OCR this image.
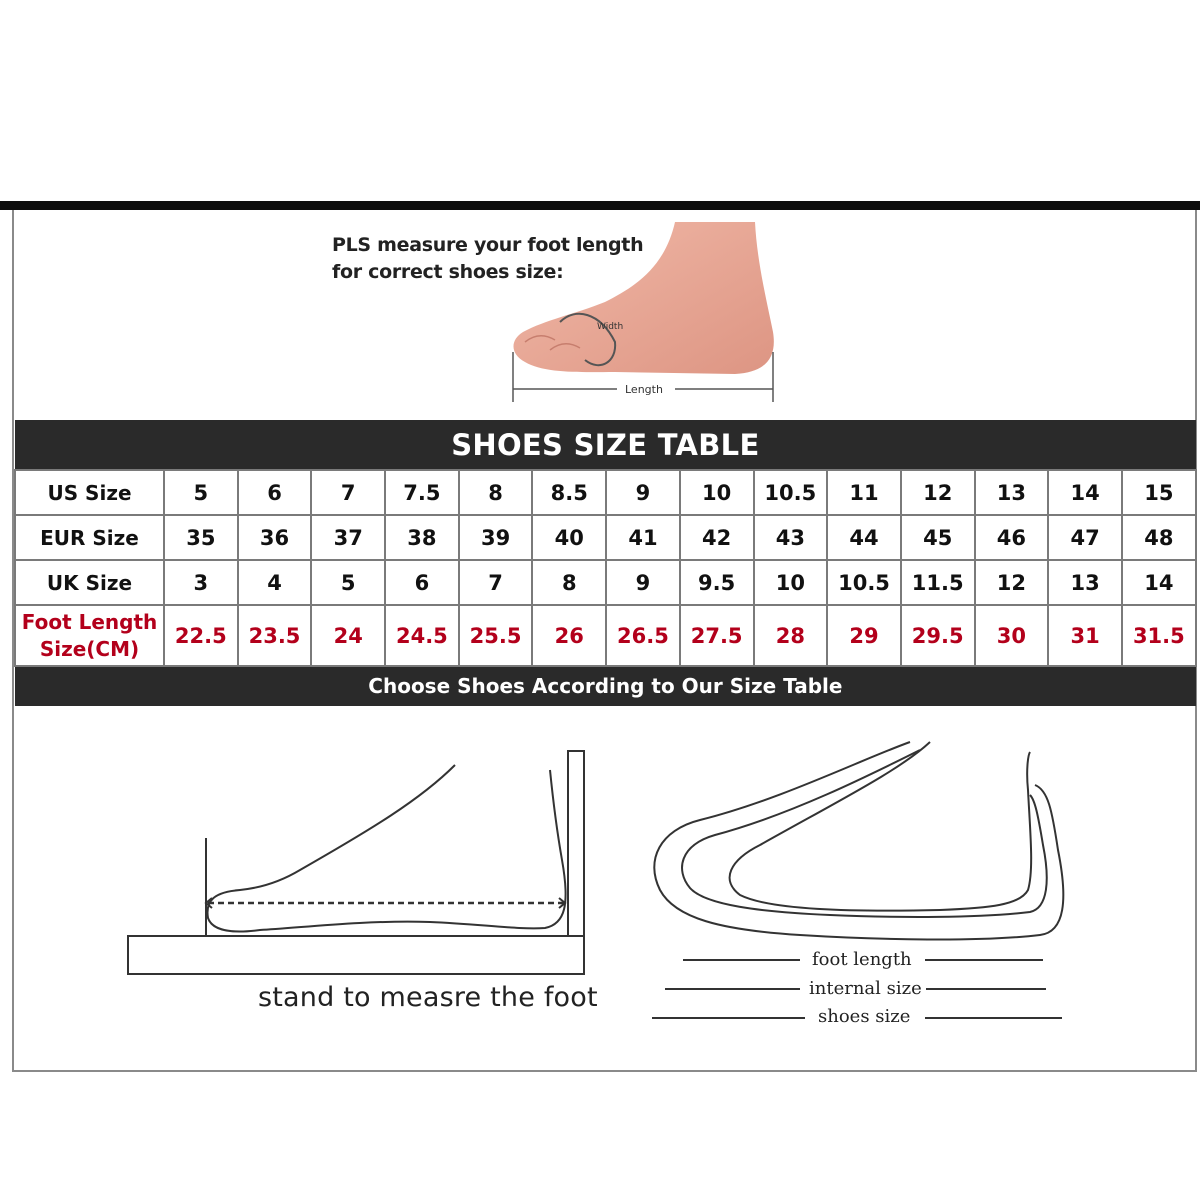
PLS measure your foot length
for correct shoes size:
Width
Length
SHOES SIZE TABLE														
US Size	5	6	7	7.5	8	8.5	9	10	10.5	11	12	13	14	15
EUR Size	35	36	37	38	39	40	41	42	43	44	45	46	47	48
UK Size	3	4	5	6	7	8	9	9.5	10	10.5	11.5	12	13	14
Foot Length
Size(CM)	22.5	23.5	24	24.5	25.5	26	26.5	27.5	28	29	29.5	30	31	31.5
Choose Shoes According to Our Size Table														
stand to measre the foot
foot length
internal size
shoes size
